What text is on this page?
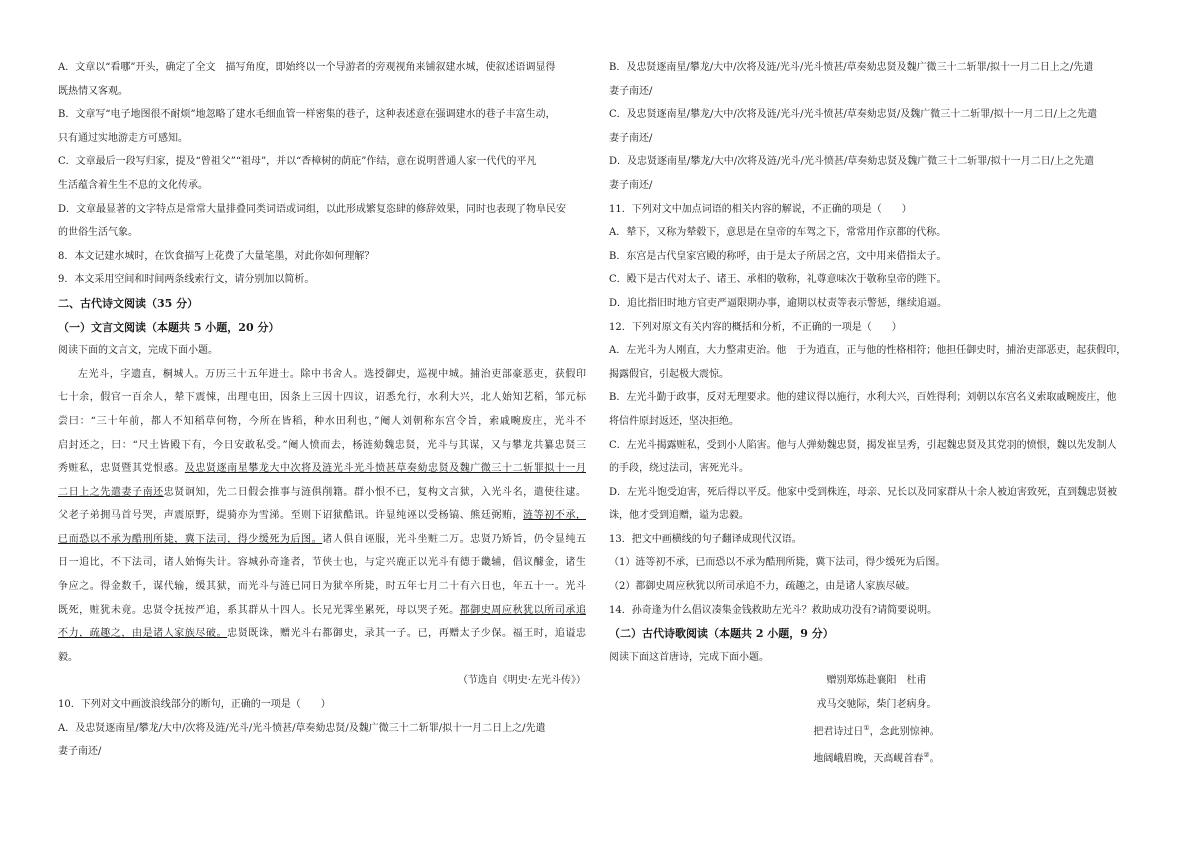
A．文章以“看哪”开头，确定了全文　描写角度，即始终以一个导游者的旁观视角来铺叙建水城，使叙述语调显得
既热情又客观。
B．文章写“电子地图很不耐烦”地忽略了建水毛细血管一样密集的巷子，这种表述意在强调建水的巷子丰富生动，
只有通过实地游走方可感知。
C．文章最后一段写归家，提及“曾祖父”“祖母”，并以“香樟树的荫庇”作结，意在说明普通人家一代代的平凡
生活蕴含着生生不息的文化传承。
D．文章最显著的文字特点是常常大量排叠同类词语或词组，以此形成繁复恣肆的修辞效果，同时也表现了物阜民安
的世俗生活气象。
8．本文记建水城时，在饮食描写上花费了大量笔墨，对此你如何理解？
9．本文采用空间和时间两条线索行文，请分别加以简析。
二、古代诗文阅读（35 分）
（一）文言文阅读（本题共 5 小题，20 分）
阅读下面的文言文，完成下面小题。
左光斗，字遗直，桐城人。万历三十五年进士。除中书舍人。选授御史，巡视中城。捕治吏部豪恶吏，获假印
七十余，假官一百余人，辇下震悚，出理屯田，因条上三因十四议，诏悉允行，水利大兴，北人始知艺稻，邹元标
尝曰：“三十年前，都人不知稻草何物，今所在皆稻，种水田利也，”阉人刘朝称东宫令旨，索戚畹废庄，光斗不
启封还之，曰：“尺土皆殿下有，今日安敢私受。”阉人愤而去，杨涟劾魏忠贤，光斗与其谋，又与攀龙共纂忠贤三
秀赃私，忠贤暨其党恨惑。及忠贤逐南星攀龙大中次将及涟光斗光斗愤甚草奏劾忠贤及魏广微三十二斩罪拟十一月
二日上之先遣妻子南还忠贤诇知，先二日假会推事与涟俱削籍。群小恨不已，复构文言狱，入光斗名，遣使往逮。
父老子弟拥马首号哭，声震原野，缇骑亦为雪涕。至则下诏狱酷讯。许显纯诬以受杨镐、熊廷弼贿，涟等初不承，
已而恐以不承为酷刑所毙，冀下法司，得少缓死为后图。诸人俱自诬服，光斗坐赃二万。忠贤乃矫旨，仍令显纯五
日一追比，不下法司，诸人始悔失计。容城孙奇逢者，节侠士也，与定兴鹿正以光斗有德于畿辅，倡议醵金，诸生
争应之。得金数千，谋代输，缓其狱，而光斗与涟已同日为狱卒所毙，时五年七月二十有六日也，年五十一。光斗
既死，赃犹未竟。忠贤令抚按严追，系其群从十四人。长兄光霁坐累死，母以哭子死。都御史周应秋犹以所司承追
不力，疏趣之，由是诸人家族尽破。忠贤既诛，赠光斗右都御史，录其一子。已，再赠太子少保。福王时，追谥忠
毅。
（节选自《明史·左光斗传》）
10．下列对文中画波浪线部分的断句，正确的一项是（　　）
A．及忠贤逐南星/攀龙/大中/次将及涟/光斗/光斗愤甚/草奏劾忠贤/及魏广微三十二斩罪/拟十一月二日上之/先遣
妻子南还/
B．及忠贤逐南星/攀龙/大中/次将及涟/光斗/光斗愤甚/草奏劾忠贤及魏广微三十二斩罪/拟十一月二日上之/先遣
妻子南还/
C．及忠贤逐南星/攀龙/大中/次将及涟/光斗/光斗愤甚/草奏劾忠贤/及魏广微三十二斩罪/拟十一月二日/上之先遣
妻子南还/
D．及忠贤逐南星/攀龙/大中/次将及涟/光斗/光斗愤甚/草奏劾忠贤及魏广微三十二斩罪/拟十一月二日/上之先遣
妻子南还/
11．下列对文中加点词语的相关内容的解说，不正确的项是（　　）
A．辇下，又称为辇毂下，意思是在皇帝的车驾之下，常常用作京都的代称。
B．东宫是古代皇家宫殿的称呼，由于是太子所居之宫，文中用来借指太子。
C．殿下是古代对太子、诸王、承相的敬称，礼尊意味次于敬称皇帝的陛下。
D．追比指旧时地方官吏严逼限期办事，逾期以杖责等表示警惩，继续追逼。
12．下列对原文有关内容的概括和分析，不正确的一项是（　　）
A．左光斗为人刚直，大力整肃吏治。他　于为逍直，正与他的性格相符；他担任御史时，捕治吏部恶吏，起获假印，
揭露假官，引起极大震惊。
B．左光斗勤于政事，反对无理要求。他的建议得以施行，水利大兴，百姓得利；刘朝以东宫名义索取戚畹废庄，他
将信件原封返还，坚决拒绝。
C．左光斗揭露赃私，受到小人陷害。他与人弹劾魏忠贤，揭发崔呈秀，引起魏忠贤及其党羽的愤恨，魏以先发制人
的手段，绕过法司，害死光斗。
D．左光斗饱受迫害，死后得以平反。他家中受到株连，母亲、兄长以及同家群从十余人被迫害致死，直到魏忠贤被
诛，他才受到追赠，谥为忠毅。
13．把文中画横线的句子翻译成现代汉语。
（1）涟等初不承，已而恐以不承为酷刑所毙，冀下法司，得少缓死为后图。
（2）都御史周应秋犹以所司承追不力，疏趣之，由是诸人家族尽破。
14．孙奇逢为什么倡议凑集金钱救助左光斗？救助成功没有?请简要说明。
（二）古代诗歌阅读（本题共 2 小题，9 分）
阅读下面这首唐诗，完成下面小题。
赠别郑炼赴襄阳　杜甫
戎马交驰际，柴门老病身。
把君诗过日①，念此别惊神。
地阔峨眉晚，天高岘首春②。
